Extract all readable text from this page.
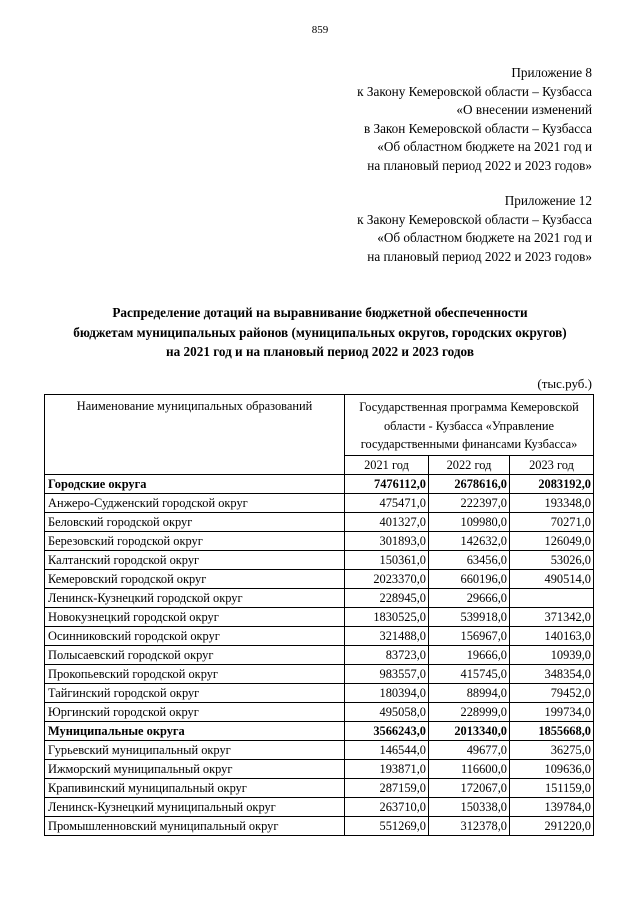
859
Приложение 8
к Закону Кемеровской области – Кузбасса
«О внесении изменений
в Закон Кемеровской области – Кузбасса
«Об областном бюджете на 2021 год и
на плановый период 2022 и 2023 годов»
Приложение 12
к Закону Кемеровской области – Кузбасса
«Об областном бюджете на 2021 год и
на плановый период 2022 и 2023 годов»
Распределение дотаций на выравнивание бюджетной обеспеченности
бюджетам муниципальных районов (муниципальных округов, городских округов)
на 2021 год и на плановый период 2022 и 2023 годов
(тыс.руб.)
Наименование муниципальных образований	Государственная программа Кемеровской области - Кузбасса «Управление государственными финансами Кузбасса»		
	2021 год	2022 год	2023 год
Городские округа	7476112,0	2678616,0	2083192,0
Анжеро-Судженский городской округ	475471,0	222397,0	193348,0
Беловский городской округ	401327,0	109980,0	70271,0
Березовский городской округ	301893,0	142632,0	126049,0
Калтанский городской округ	150361,0	63456,0	53026,0
Кемеровский городской округ	2023370,0	660196,0	490514,0
Ленинск-Кузнецкий городской округ	228945,0	29666,0	
Новокузнецкий городской округ	1830525,0	539918,0	371342,0
Осинниковский городской округ	321488,0	156967,0	140163,0
Полысаевский городской округ	83723,0	19666,0	10939,0
Прокопьевский городской округ	983557,0	415745,0	348354,0
Тайгинский городской округ	180394,0	88994,0	79452,0
Юргинский городской округ	495058,0	228999,0	199734,0
Муниципальные округа	3566243,0	2013340,0	1855668,0
Гурьевский муниципальный округ	146544,0	49677,0	36275,0
Ижморский муниципальный округ	193871,0	116600,0	109636,0
Крапивинский муниципальный округ	287159,0	172067,0	151159,0
Ленинск-Кузнецкий муниципальный округ	263710,0	150338,0	139784,0
Промышленновский муниципальный округ	551269,0	312378,0	291220,0
